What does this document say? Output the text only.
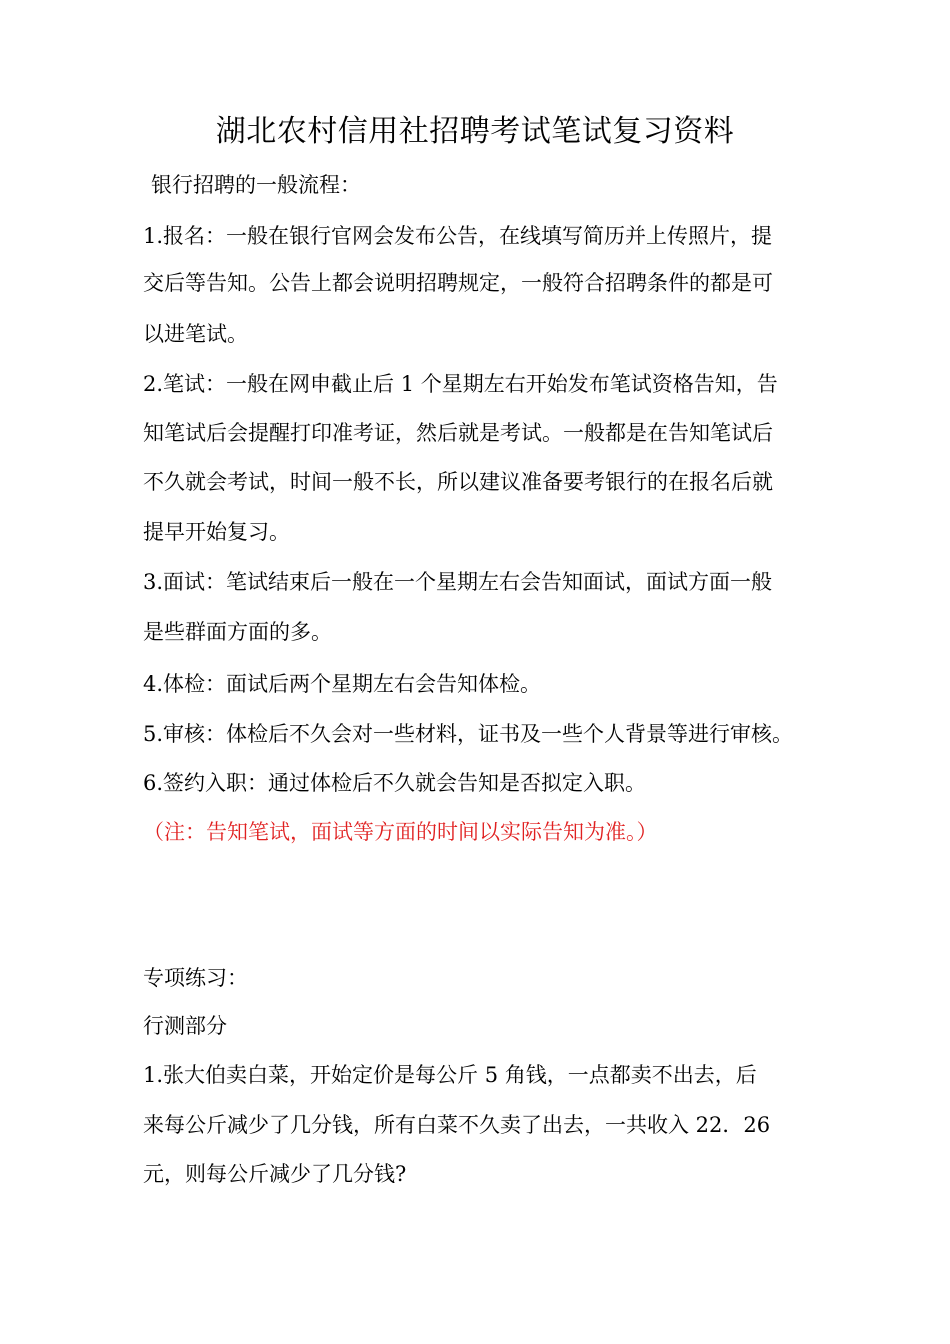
湖北农村信用社招聘考试笔试复习资料
银行招聘的一般流程：
1.报名：一般在银行官网会发布公告，在线填写简历并上传照片，提
交后等告知。公告上都会说明招聘规定，一般符合招聘条件的都是可
以进笔试。
2.笔试：一般在网申截止后 1 个星期左右开始发布笔试资格告知，告
知笔试后会提醒打印准考证，然后就是考试。一般都是在告知笔试后
不久就会考试，时间一般不长，所以建议准备要考银行的在报名后就
提早开始复习。
3.面试：笔试结束后一般在一个星期左右会告知面试，面试方面一般
是些群面方面的多。
4.体检：面试后两个星期左右会告知体检。
5.审核：体检后不久会对一些材料，证书及一些个人背景等进行审核。
6.签约入职：通过体检后不久就会告知是否拟定入职。
（注：告知笔试，面试等方面的时间以实际告知为准。）
专项练习：
行测部分
1.张大伯卖白菜，开始定价是每公斤 5 角钱，一点都卖不出去，后
来每公斤减少了几分钱，所有白菜不久卖了出去，一共收入 22．26
元，则每公斤减少了几分钱?
